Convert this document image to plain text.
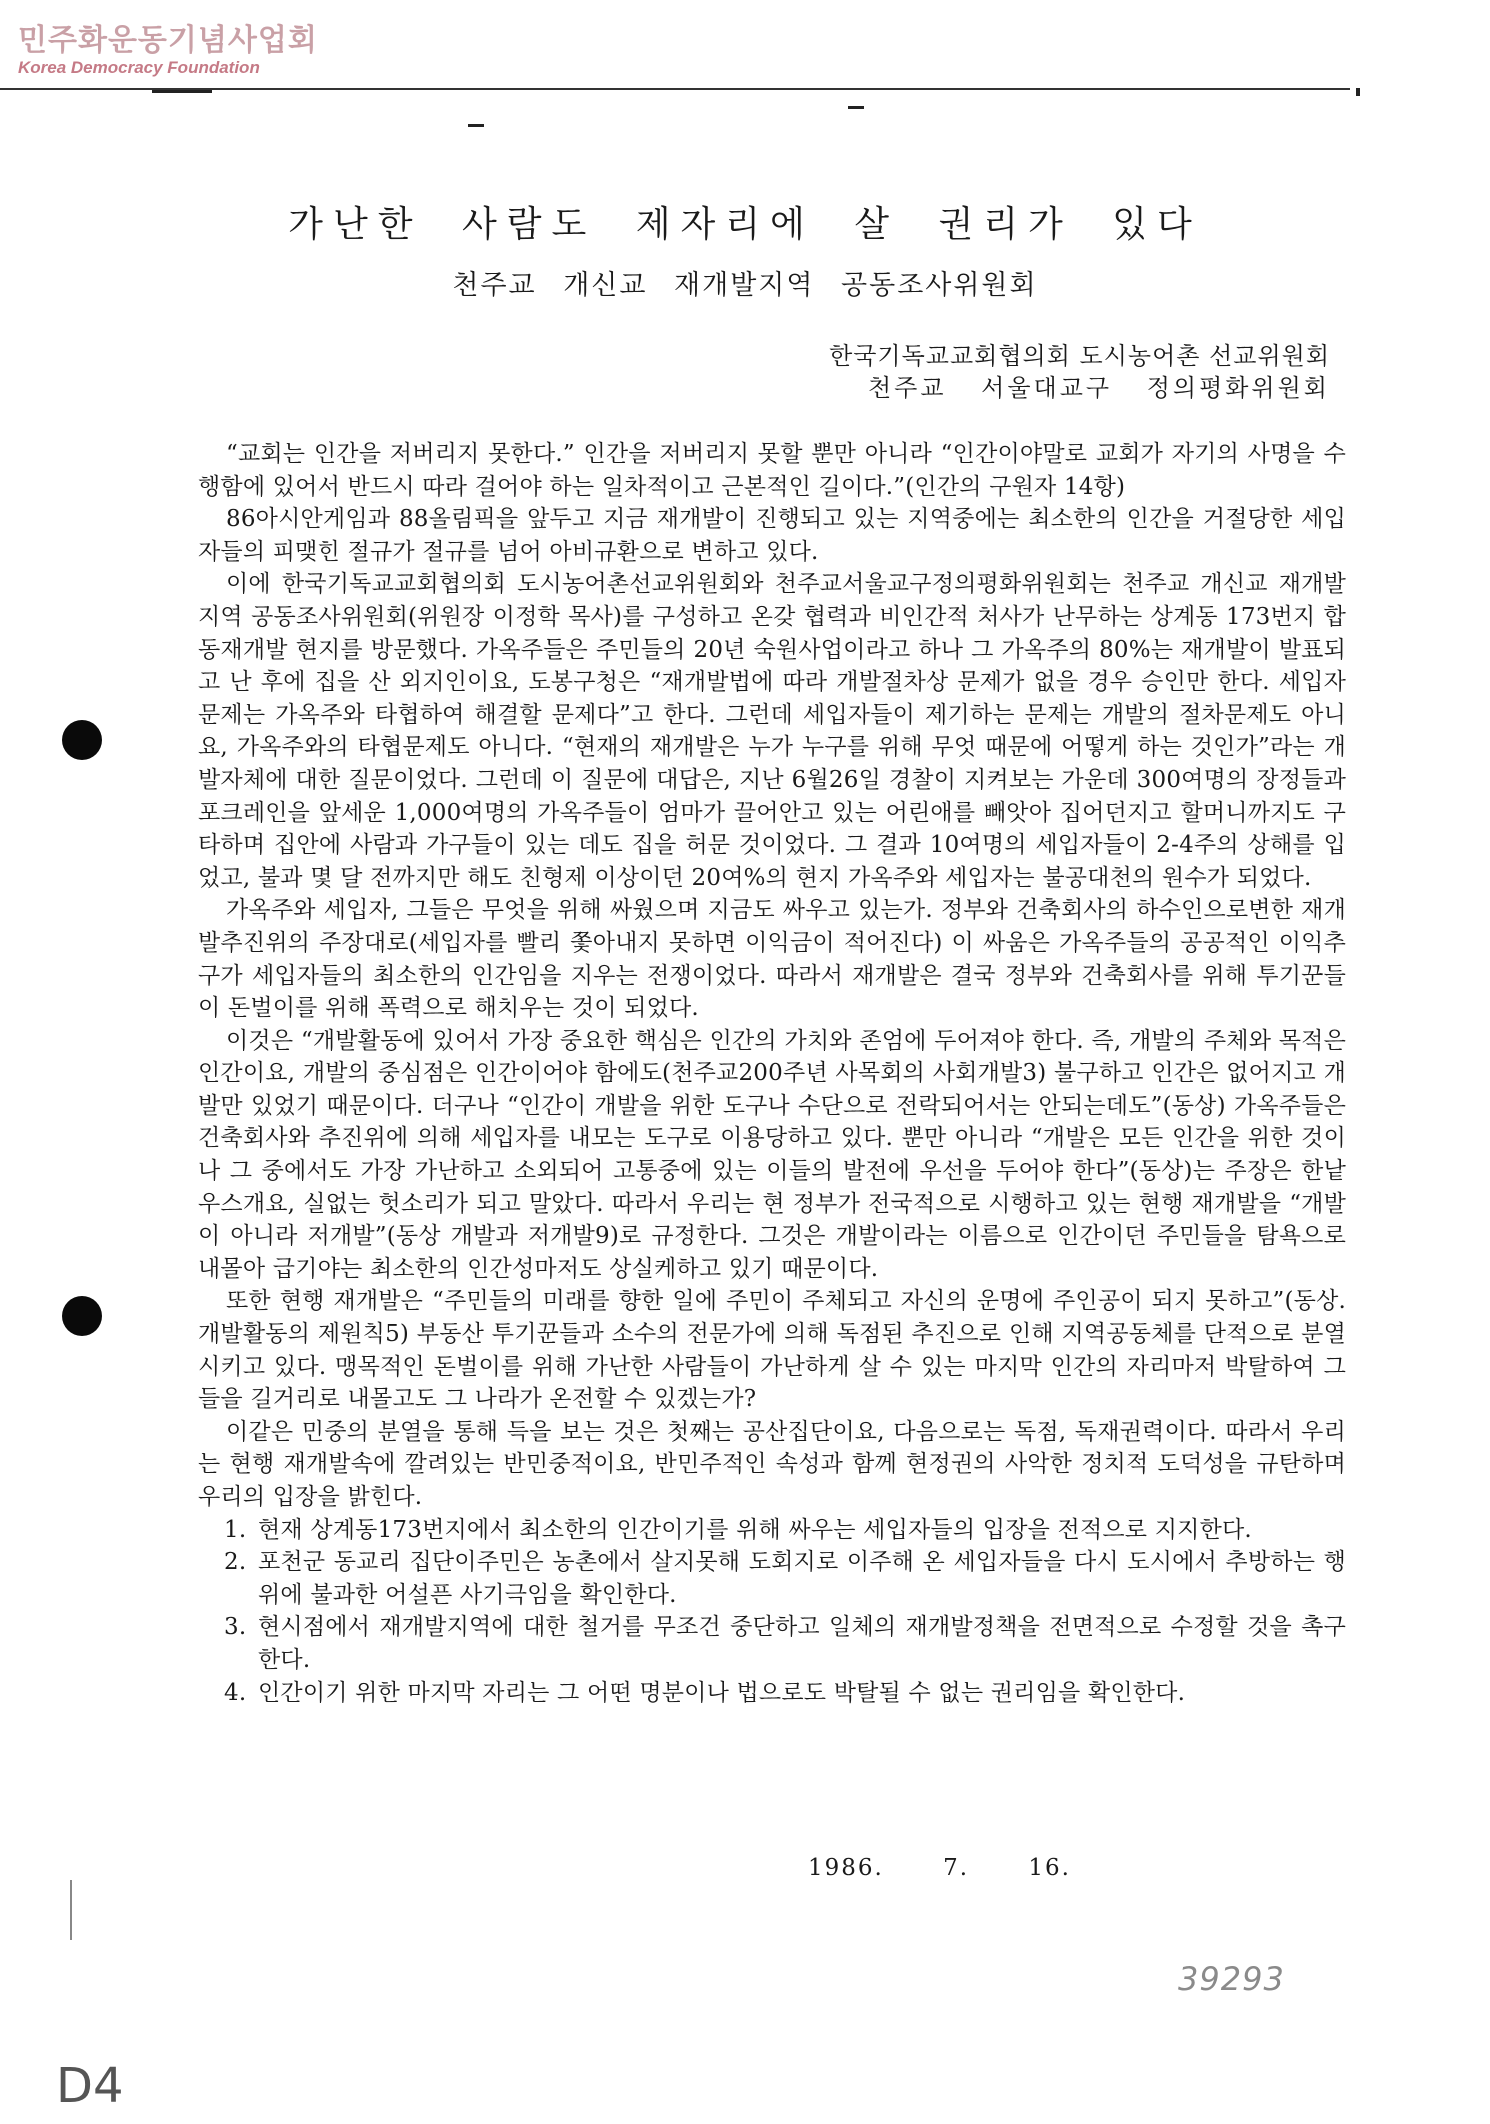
민주화운동기념사업회
Korea Democracy Foundation
가난한 사람도 제자리에 살 권리가 있다
천주교 개신교 재개발지역 공동조사위원회
한국기독교교회협의회 도시농어촌 선교위원회
천주교 서울대교구 정의평화위원회

“교회는 인간을 저버리지 못한다.” 인간을 저버리지 못할 뿐만 아니라 “인간이야말로 교회가 자기의 사명을 수행함에 있어서 반드시 따라 걸어야 하는 일차적이고 근본적인 길이다.”(인간의 구원자 14항)

86아시안게임과 88올림픽을 앞두고 지금 재개발이 진행되고 있는 지역중에는 최소한의 인간을 거절당한 세입자들의 피맺힌 절규가 절규를 넘어 아비규환으로 변하고 있다.

이에 한국기독교교회협의회 도시농어촌선교위원회와 천주교서울교구정의평화위원회는 천주교 개신교 재개발지역 공동조사위원회(위원장 이정학 목사)를 구성하고 온갖 협력과 비인간적 처사가 난무하는 상계동 173번지 합동재개발 현지를 방문했다. 가옥주들은 주민들의 20년 숙원사업이라고 하나 그 가옥주의 80%는 재개발이 발표되고 난 후에 집을 산 외지인이요, 도봉구청은 “재개발법에 따라 개발절차상 문제가 없을 경우 승인만 한다. 세입자 문제는 가옥주와 타협하여 해결할 문제다”고 한다. 그런데 세입자들이 제기하는 문제는 개발의 절차문제도 아니요, 가옥주와의 타협문제도 아니다. “현재의 재개발은 누가 누구를 위해 무엇 때문에 어떻게 하는 것인가”라는 개발자체에 대한 질문이었다. 그런데 이 질문에 대답은, 지난 6월26일 경찰이 지켜보는 가운데 300여명의 장정들과 포크레인을 앞세운 1,000여명의 가옥주들이 엄마가 끌어안고 있는 어린애를 빼앗아 집어던지고 할머니까지도 구타하며 집안에 사람과 가구들이 있는 데도 집을 허문 것이었다. 그 결과 10여명의 세입자들이 2-4주의 상해를 입었고, 불과 몇 달 전까지만 해도 친형제 이상이던 20여%의 현지 가옥주와 세입자는 불공대천의 원수가 되었다.

가옥주와 세입자, 그들은 무엇을 위해 싸웠으며 지금도 싸우고 있는가. 정부와 건축회사의 하수인으로변한 재개발추진위의 주장대로(세입자를 빨리 쫓아내지 못하면 이익금이 적어진다) 이 싸움은 가옥주들의 공공적인 이익추구가 세입자들의 최소한의 인간임을 지우는 전쟁이었다. 따라서 재개발은 결국 정부와 건축회사를 위해 투기꾼들이 돈벌이를 위해 폭력으로 해치우는 것이 되었다.

이것은 “개발활동에 있어서 가장 중요한 핵심은 인간의 가치와 존엄에 두어져야 한다. 즉, 개발의 주체와 목적은 인간이요, 개발의 중심점은 인간이어야 함에도(천주교200주년 사목회의 사회개발3) 불구하고 인간은 없어지고 개발만 있었기 때문이다. 더구나 “인간이 개발을 위한 도구나 수단으로 전락되어서는 안되는데도”(동상) 가옥주들은 건축회사와 추진위에 의해 세입자를 내모는 도구로 이용당하고 있다. 뿐만 아니라 “개발은 모든 인간을 위한 것이나 그 중에서도 가장 가난하고 소외되어 고통중에 있는 이들의 발전에 우선을 두어야 한다”(동상)는 주장은 한낱 우스개요, 실없는 헛소리가 되고 말았다. 따라서 우리는 현 정부가 전국적으로 시행하고 있는 현행 재개발을 “개발이 아니라 저개발”(동상 개발과 저개발9)로 규정한다. 그것은 개발이라는 이름으로 인간이던 주민들을 탐욕으로 내몰아 급기야는 최소한의 인간성마저도 상실케하고 있기 때문이다.

또한 현행 재개발은 “주민들의 미래를 향한 일에 주민이 주체되고 자신의 운명에 주인공이 되지 못하고”(동상. 개발활동의 제원칙5) 부동산 투기꾼들과 소수의 전문가에 의해 독점된 추진으로 인해 지역공동체를 단적으로 분열시키고 있다. 맹목적인 돈벌이를 위해 가난한 사람들이 가난하게 살 수 있는 마지막 인간의 자리마저 박탈하여 그들을 길거리로 내몰고도 그 나라가 온전할 수 있겠는가?

이같은 민중의 분열을 통해 득을 보는 것은 첫째는 공산집단이요, 다음으로는 독점, 독재권력이다. 따라서 우리는 현행 재개발속에 깔려있는 반민중적이요, 반민주적인 속성과 함께 현정권의 사악한 정치적 도덕성을 규탄하며 우리의 입장을 밝힌다.

1. 현재 상계동173번지에서 최소한의 인간이기를 위해 싸우는 세입자들의 입장을 전적으로 지지한다.
2. 포천군 동교리 집단이주민은 농촌에서 살지못해 도회지로 이주해 온 세입자들을 다시 도시에서 추방하는 행위에 불과한 어설픈 사기극임을 확인한다.
3. 현시점에서 재개발지역에 대한 철거를 무조건 중단하고 일체의 재개발정책을 전면적으로 수정할 것을 촉구한다.
4. 인간이기 위한 마지막 자리는 그 어떤 명분이나 법으로도 박탈될 수 없는 권리임을 확인한다.
1986. 7. 16.
39293
D4
